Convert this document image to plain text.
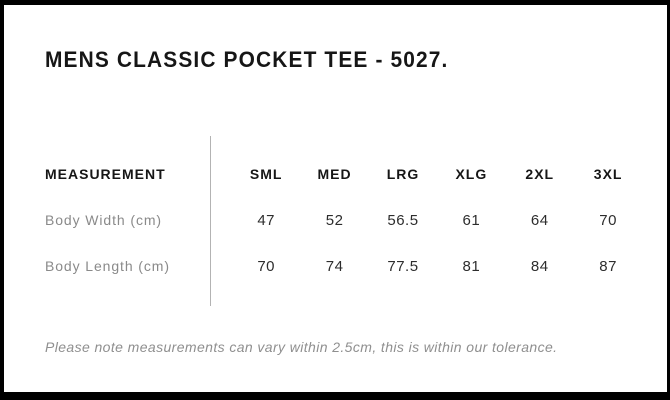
MENS CLASSIC POCKET TEE - 5027.
MEASUREMENT	SML	MED	LRG	XLG	2XL	3XL
Body Width (cm)	47	52	56.5	61	64	70
Body Length (cm)	70	74	77.5	81	84	87

Please note measurements can vary within 2.5cm, this is within our tolerance.
